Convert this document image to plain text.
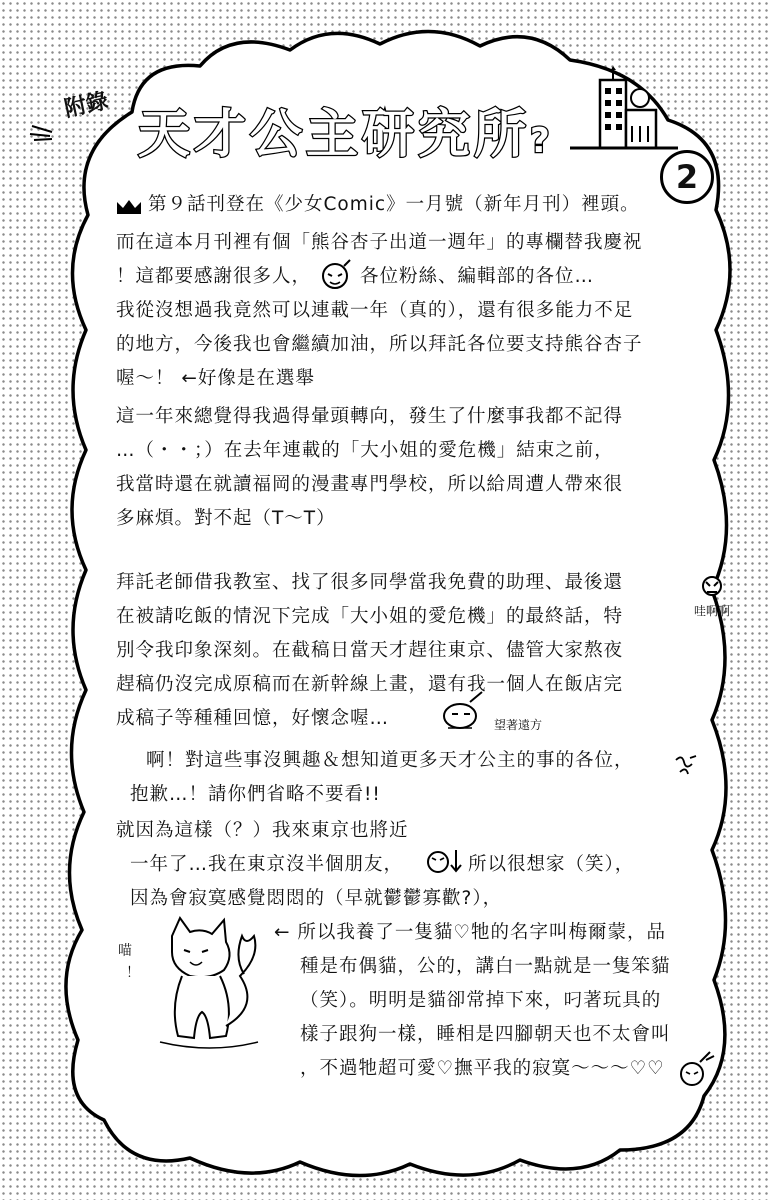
附錄 天才公主研究所?
2
第９話刊登在《少女Comic》一月號（新年月刊）裡頭。
而在這本月刊裡有個「熊谷杏子出道一週年」的專欄替我慶祝
！這都要感謝很多人，	各位粉絲、編輯部的各位…
我從沒想過我竟然可以連載一年（真的），還有很多能力不足
的地方，今後我也會繼續加油，所以拜託各位要支持熊谷杏子
喔～！ ←好像是在選舉
這一年來總覺得我過得暈頭轉向，發生了什麼事我都不記得
…（・・；）在去年連載的「大小姐的愛危機」結束之前，
我當時還在就讀福岡的漫畫專門學校，所以給周遭人帶來很
多麻煩。對不起（T〜T）
拜託老師借我教室、找了很多同學當我免費的助理、最後還
在被請吃飯的情況下完成「大小姐的愛危機」的最終話，特
別令我印象深刻。在截稿日當天才趕往東京、儘管大家熬夜
趕稿仍沒完成原稿而在新幹線上畫，還有我一個人在飯店完
成稿子等種種回憶，好懷念喔…
哇啊啊
望著遠方
啊！對這些事沒興趣＆想知道更多天才公主的事的各位，
抱歉…！請你們省略不要看!!
就因為這樣（？）我來東京也將近
一年了…我在東京沒半個朋友，	所以很想家（笑），
因為會寂寞感覺悶悶的（早就鬱鬱寡歡?），
喵
！
← 所以我養了一隻貓♡牠的名字叫梅爾蒙，品
種是布偶貓，公的，講白一點就是一隻笨貓
（笑）。明明是貓卻常掉下來，叼著玩具的
樣子跟狗一樣，睡相是四腳朝天也不太會叫
，不過牠超可愛♡撫平我的寂寞〜〜〜♡♡
